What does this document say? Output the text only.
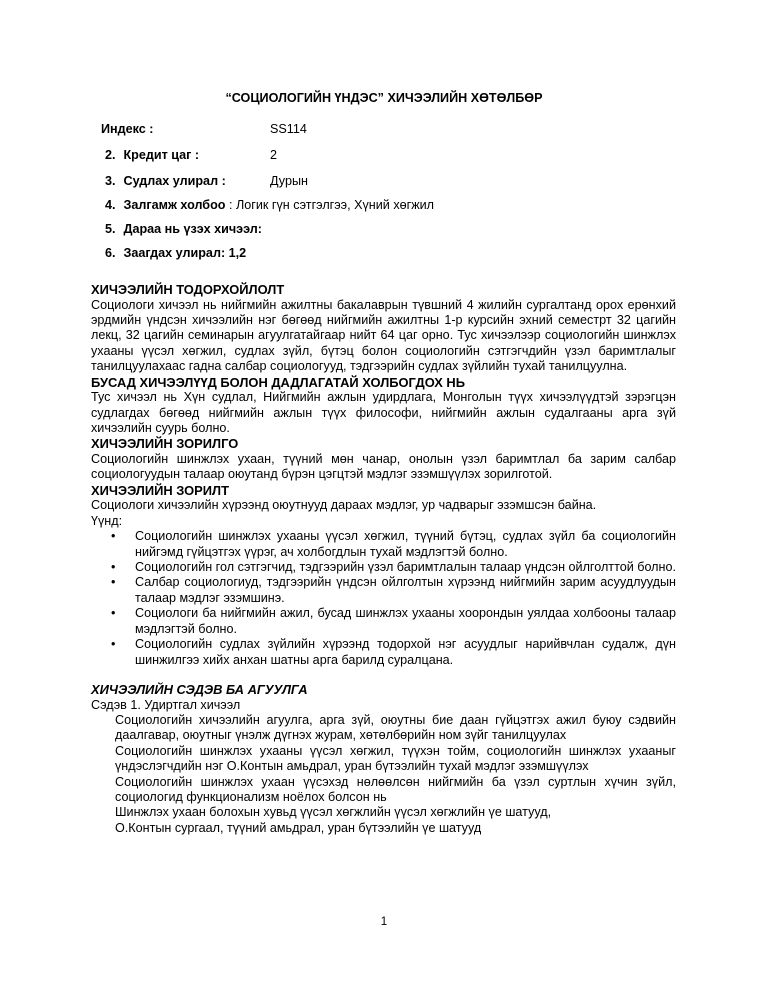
“СОЦИОЛОГИЙН ҮНДЭС” ХИЧЭЭЛИЙН ХӨТӨЛБӨР
Индекс :	SS114
2. Кредит цаг :	2
3. Судлах улирал :	Дурын
4. Залгамж холбоо : Логик гүн сэтгэлгээ, Хүний хөгжил
5. Дараа нь үзэх хичээл:
6. Заагдах улирал: 1,2
ХИЧЭЭЛИЙН ТОДОРХОЙЛОЛТ
Социологи хичээл нь нийгмийн ажилтны бакалаврын түвшний 4 жилийн сургалтанд орох ерөнхий эрдмийн үндсэн хичээлийн нэг бөгөөд нийгмийн ажилтны 1-р курсийн эхний семестрт 32 цагийн лекц, 32 цагийн семинарын агуулгатайгаар нийт 64 цаг орно. Тус хичээлээр социологийн шинжлэх ухааны үүсэл хөгжил, судлах зүйл, бүтэц болон социологийн сэтгэгчдийн үзэл баримтлалыг танилцуулахаас гадна салбар социологууд, тэдгээрийн судлах зүйлийн тухай танилцуулна.
БУСАД ХИЧЭЭЛҮҮД БОЛОН ДАДЛАГАТАЙ ХОЛБОГДОХ НЬ
Тус хичээл нь Хүн судлал, Нийгмийн ажлын удирдлага, Монголын түүх хичээлүүдтэй зэрэгцэн судлагдах бөгөөд нийгмийн ажлын түүх философи, нийгмийн ажлын судалгааны арга зүй хичээлийн суурь болно.
ХИЧЭЭЛИЙН ЗОРИЛГО
Социологийн шинжлэх ухаан, түүний мөн чанар, онолын үзэл баримтлал ба зарим салбар социологуудын талаар оюутанд бүрэн цэгцтэй мэдлэг эзэмшүүлэх зорилготой.
ХИЧЭЭЛИЙН ЗОРИЛТ
Социологи хичээлийн хүрээнд оюутнууд дараах мэдлэг, ур чадварыг эзэмшсэн байна.
Үүнд:
• Социологийн шинжлэх ухааны үүсэл хөгжил, түүний бүтэц, судлах зүйл ба социологийн нийгэмд гүйцэтгэх үүрэг, ач холбогдлын тухай мэдлэгтэй болно.
• Социологийн гол сэтгэгчид, тэдгээрийн үзэл баримтлалын талаар үндсэн ойлголттой болно.
• Салбар социологиуд, тэдгээрийн үндсэн ойлголтын хүрээнд нийгмийн зарим асуудлуудын талаар мэдлэг эзэмшинэ.
• Социологи ба нийгмийн ажил, бусад шинжлэх ухааны хоорондын уялдаа холбооны талаар мэдлэгтэй болно.
• Социологийн судлах зүйлийн хүрээнд тодорхой нэг асуудлыг нарийвчлан судалж, дүн шинжилгээ хийх анхан шатны арга барилд суралцана.
ХИЧЭЭЛИЙН СЭДЭВ БА АГУУЛГА
Сэдэв 1. Удиртгал хичээл
Социологийн хичээлийн агуулга, арга зүй, оюутны бие даан гүйцэтгэх ажил буюу сэдвийн даалгавар, оюутныг үнэлж дүгнэх журам, хөтөлбөрийн ном зүйг танилцуулах
Социологийн шинжлэх ухааны үүсэл хөгжил, түүхэн тойм, социологийн шинжлэх ухааныг үндэслэгчдийн нэг О.Контын амьдрал, уран бүтээлийн тухай мэдлэг эзэмшүүлэх
Социологийн шинжлэх ухаан үүсэхэд нөлөөлсөн нийгмийн ба үзэл суртлын хүчин зүйл, социологид функционализм ноёлох болсон нь
Шинжлэх ухаан болохын хувьд үүсэл хөгжлийн үүсэл хөгжлийн үе шатууд,
О.Контын сургаал, түүний амьдрал, уран бүтээлийн үе шатууд
1
